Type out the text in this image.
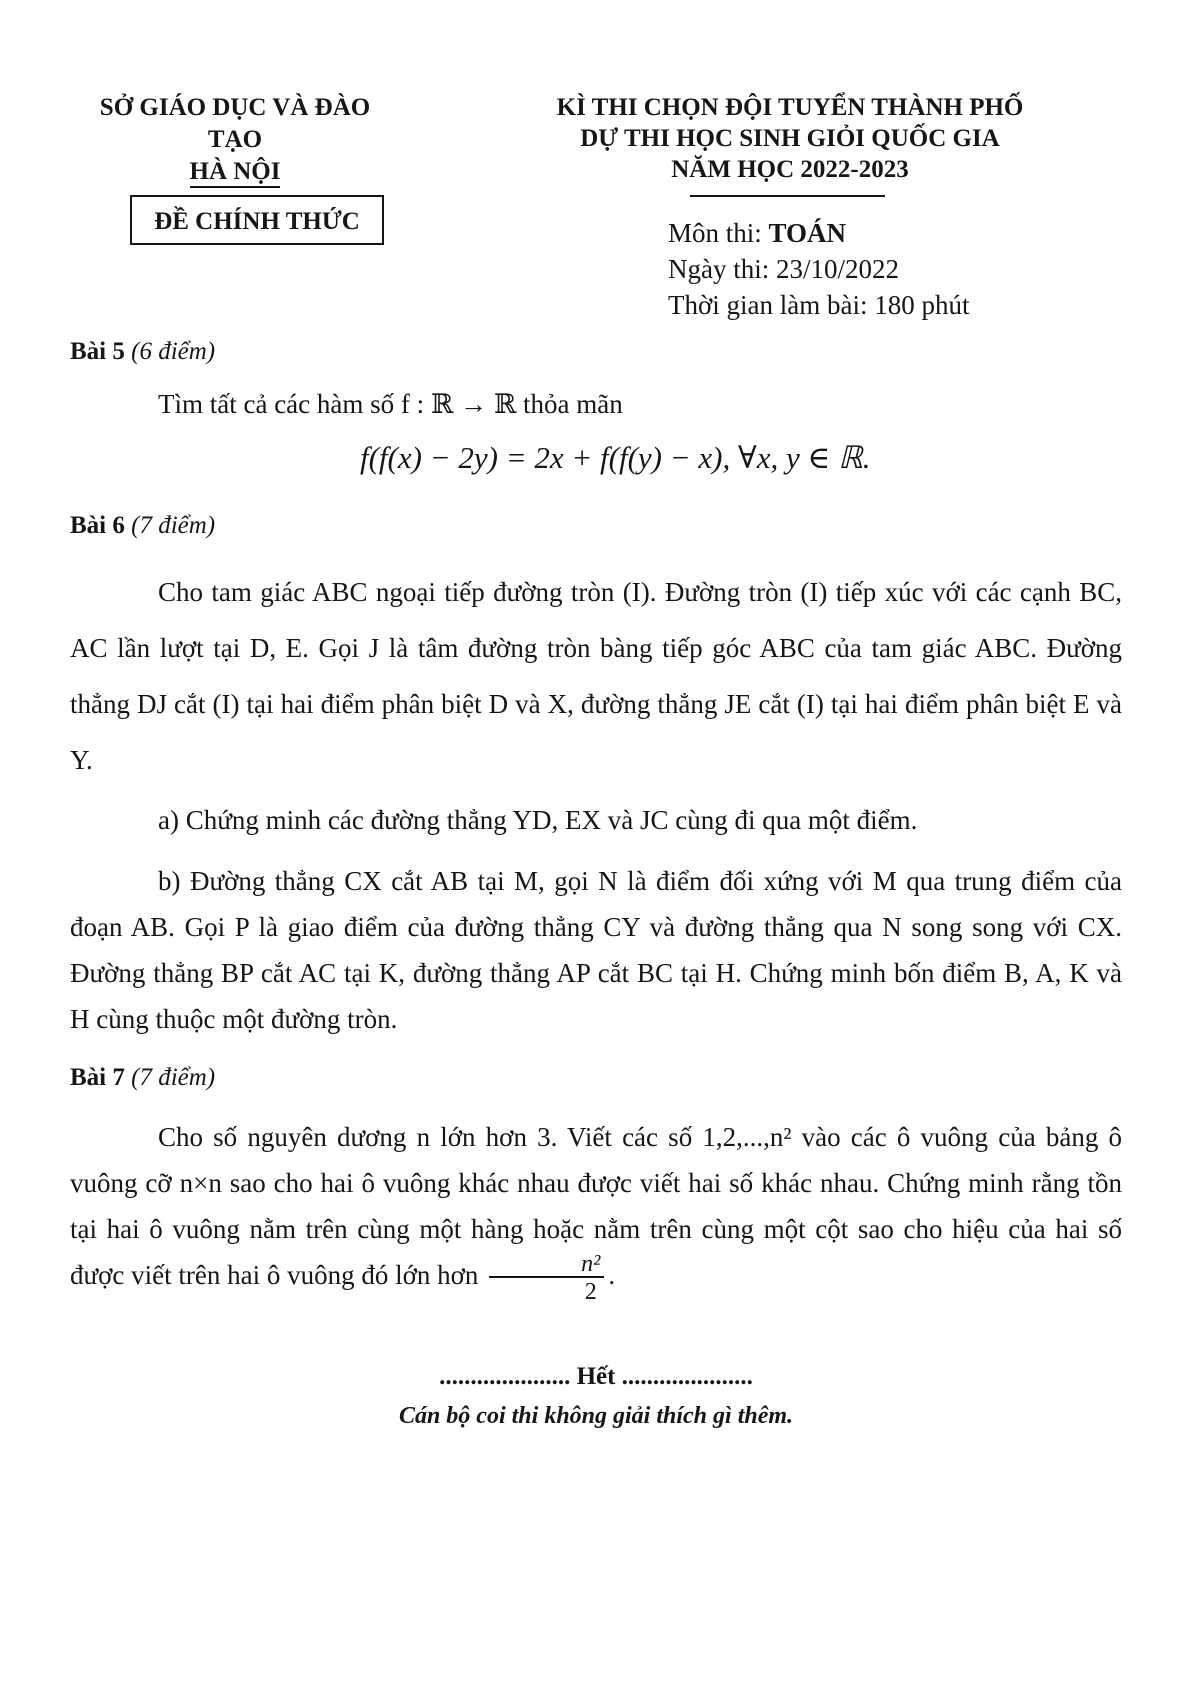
SỞ GIÁO DỤC VÀ ĐÀO TẠO
HÀ NỘI
ĐỀ CHÍNH THỨC
KÌ THI CHỌN ĐỘI TUYỂN THÀNH PHỐ
DỰ THI HỌC SINH GIỎI QUỐC GIA
NĂM HỌC 2022-2023
Môn thi: TOÁN
Ngày thi: 23/10/2022
Thời gian làm bài: 180 phút
Bài 5 (6 điểm)
Tìm tất cả các hàm số f : ℝ → ℝ thỏa mãn
f(f(x) − 2y) = 2x + f(f(y) − x), ∀x, y ∈ ℝ.
Bài 6 (7 điểm)
Cho tam giác ABC ngoại tiếp đường tròn (I). Đường tròn (I) tiếp xúc với các cạnh BC, AC lần lượt tại D, E. Gọi J là tâm đường tròn bàng tiếp góc ABC của tam giác ABC. Đường thẳng DJ cắt (I) tại hai điểm phân biệt D và X, đường thẳng JE cắt (I) tại hai điểm phân biệt E và Y.
a) Chứng minh các đường thẳng YD, EX và JC cùng đi qua một điểm.
b) Đường thẳng CX cắt AB tại M, gọi N là điểm đối xứng với M qua trung điểm của đoạn AB. Gọi P là giao điểm của đường thẳng CY và đường thẳng qua N song song với CX. Đường thẳng BP cắt AC tại K, đường thẳng AP cắt BC tại H. Chứng minh bốn điểm B, A, K và H cùng thuộc một đường tròn.
Bài 7 (7 điểm)
Cho số nguyên dương n lớn hơn 3. Viết các số 1,2,...,n² vào các ô vuông của bảng ô vuông cỡ n×n sao cho hai ô vuông khác nhau được viết hai số khác nhau. Chứng minh rằng tồn tại hai ô vuông nằm trên cùng một hàng hoặc nằm trên cùng một cột sao cho hiệu của hai số được viết trên hai ô vuông đó lớn hơn $\frac{\text{n²}}{2}$ .
..................... Hết .....................
Cán bộ coi thi không giải thích gì thêm.
